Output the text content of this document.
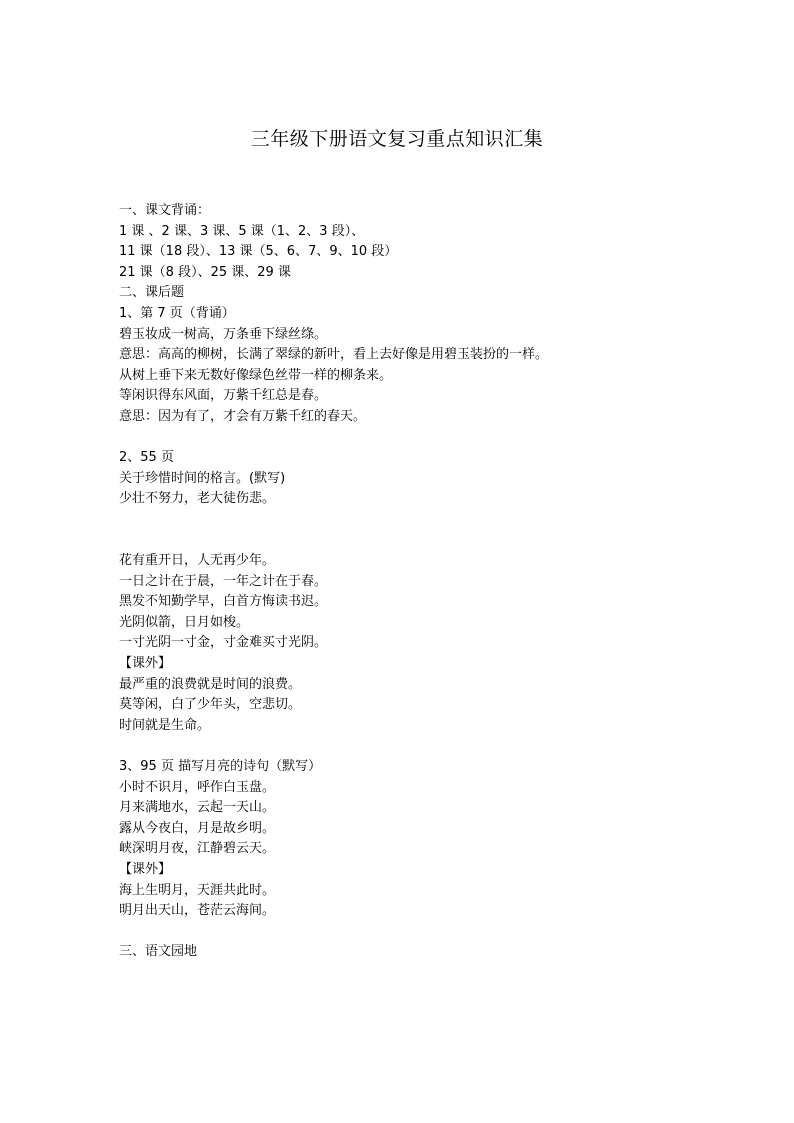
三年级下册语文复习重点知识汇集
一、课文背诵：
1 课 、2 课、3 课、5 课（1、2、3 段）、
11 课（18 段）、13 课（5、6、7、9、10 段）
21 课（8 段）、25 课、29 课
二、课后题
1、第 7 页（背诵）
碧玉妆成一树高，万条垂下绿丝绦。
意思：高高的柳树，长满了翠绿的新叶，看上去好像是用碧玉装扮的一样。
从树上垂下来无数好像绿色丝带一样的柳条来。
等闲识得东风面，万紫千红总是春。
意思：因为有了，才会有万紫千红的春天。
2、55 页
关于珍惜时间的格言。(默写)
少壮不努力，老大徒伤悲。
花有重开日，人无再少年。
一日之计在于晨，一年之计在于春。
黑发不知勤学早，白首方悔读书迟。
光阴似箭，日月如梭。
一寸光阴一寸金，寸金难买寸光阴。
【课外】
最严重的浪费就是时间的浪费。
莫等闲，白了少年头，空悲切。
时间就是生命。
3、95 页 描写月亮的诗句（默写）
小时不识月，呼作白玉盘。
月来满地水，云起一天山。
露从今夜白，月是故乡明。
峡深明月夜，江静碧云天。
【课外】
海上生明月，天涯共此时。
明月出天山，苍茫云海间。
三、语文园地
